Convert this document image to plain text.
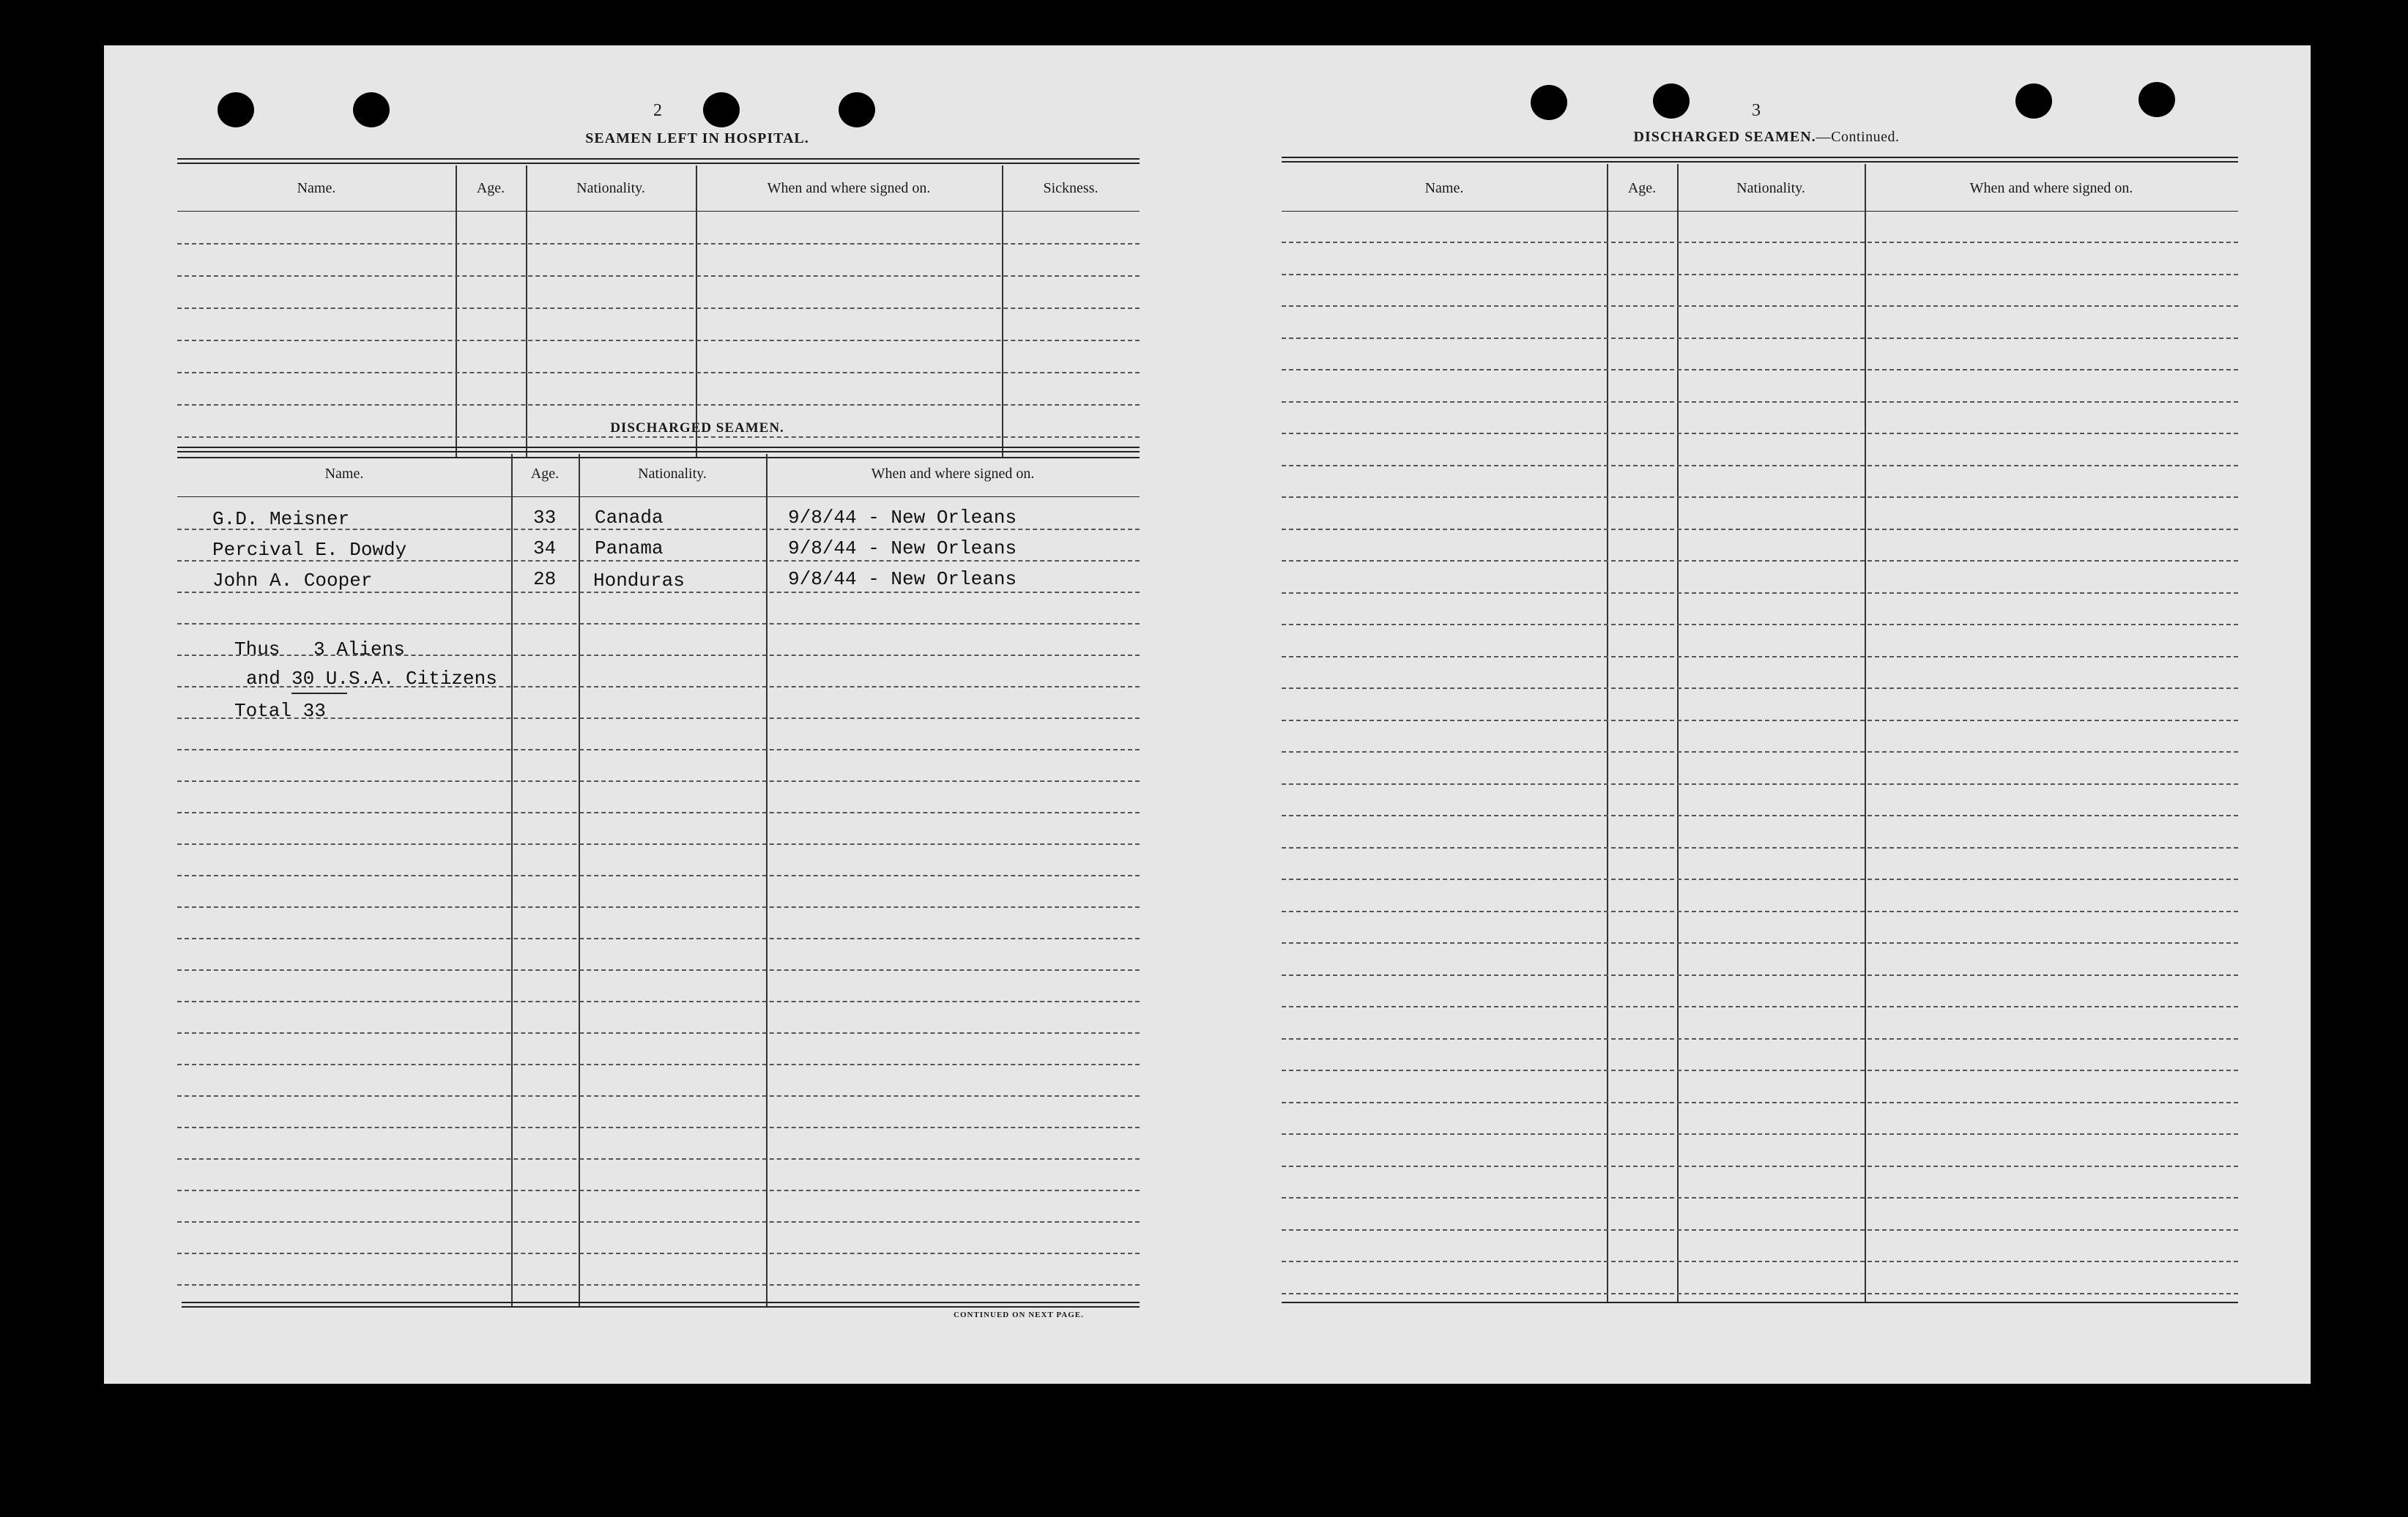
2
SEAMEN LEFT IN HOSPITAL.
Name.	Age.	Nationality.	When and where signed on.	Sickness.
DISCHARGED SEAMEN.
Name.	Age.	Nationality.	When and where signed on.
G.D. Meisner	33 Canada	9/8/44 - New Orleans
Percival E. Dowdy	34 Panama	9/8/44 - New Orleans
John A. Cooper	28 Honduras	9/8/44 - New Orleans
Thus 3 Aliens
and 30 U.S.A. Citizens
Total 33
CONTINUED ON NEXT PAGE.
3
DISCHARGED SEAMEN.—Continued.
Name.	Age.	Nationality.	When and where signed on.
